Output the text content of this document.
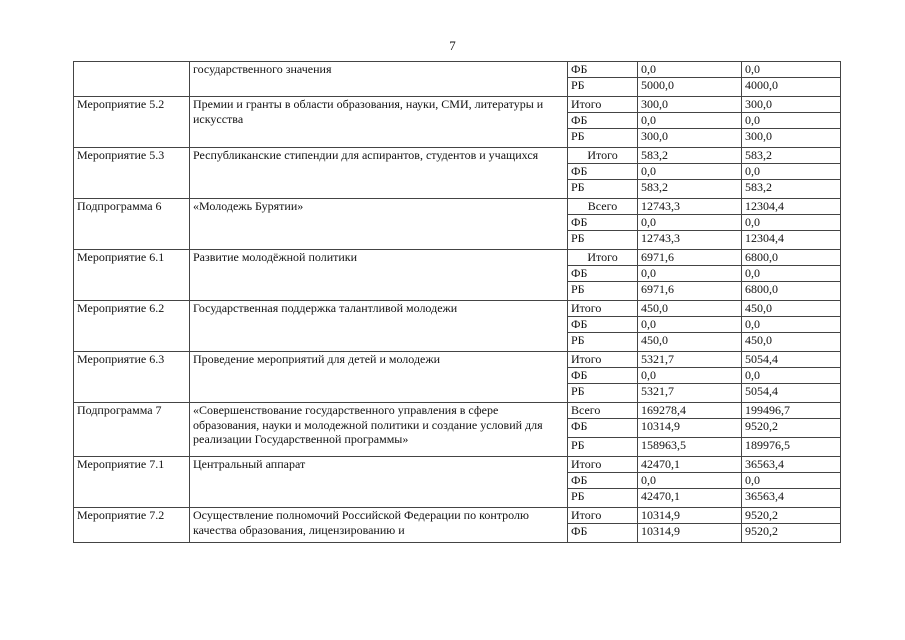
7
	государственного значения	ФБ	0,0	0,0
		РБ	5000,0	4000,0
Мероприятие 5.2	Премии и гранты в области образования, науки, СМИ, литературы и искусства	Итого	300,0	300,0
		ФБ	0,0	0,0
		РБ	300,0	300,0
Мероприятие 5.3	Республиканские стипендии для аспирантов, студентов и учащихся	Итого	583,2	583,2
		ФБ	0,0	0,0
		РБ	583,2	583,2
Подпрограмма 6	«Молодежь Бурятии»	Всего	12743,3	12304,4
		ФБ	0,0	0,0
		РБ	12743,3	12304,4
Мероприятие 6.1	Развитие молодёжной политики	Итого	6971,6	6800,0
		ФБ	0,0	0,0
		РБ	6971,6	6800,0
Мероприятие 6.2	Государственная поддержка талантливой молодежи	Итого	450,0	450,0
		ФБ	0,0	0,0
		РБ	450,0	450,0
Мероприятие 6.3	Проведение мероприятий для детей и молодежи	Итого	5321,7	5054,4
		ФБ	0,0	0,0
		РБ	5321,7	5054,4
Подпрограмма 7	«Совершенствование государственного управления в сфере образования, науки и молодежной политики и создание условий для реализации Государственной программы»	Всего	169278,4	199496,7
		ФБ	10314,9	9520,2
		РБ	158963,5	189976,5
Мероприятие 7.1	Центральный аппарат	Итого	42470,1	36563,4
		ФБ	0,0	0,0
		РБ	42470,1	36563,4
Мероприятие 7.2	Осуществление полномочий Российской Федерации по контролю качества образования, лицензированию и	Итого	10314,9	9520,2
		ФБ	10314,9	9520,2
